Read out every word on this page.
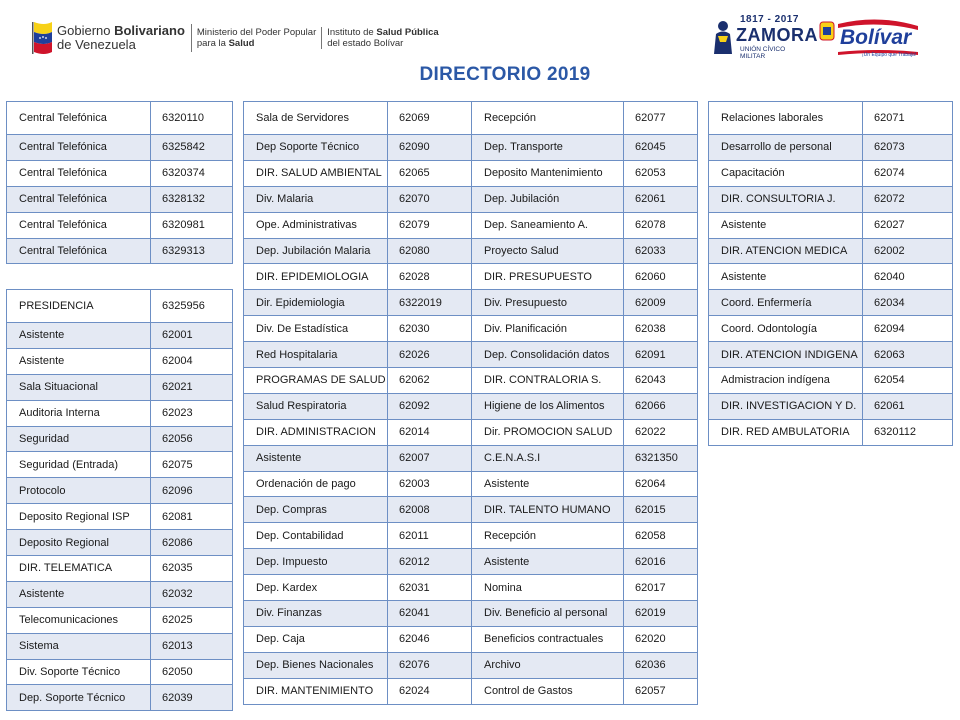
Gobierno Bolivariano
de Venezuela
Ministerio del Poder Popular
para la Salud
Instituto de Salud Pública
del estado Bolívar
1817 - 2017
ZAMORA
UNIÓN CÍVICO MILITAR
Bolívar
¡Un Equipo que Trabaja!
DIRECTORIO 2019
Central Telefónica	6320110
Central Telefónica	6325842
Central Telefónica	6320374
Central Telefónica	6328132
Central Telefónica	6320981
Central Telefónica	6329313
PRESIDENCIA	6325956
Asistente	62001
Asistente	62004
Sala Situacional	62021
Auditoria Interna	62023
Seguridad	62056
Seguridad (Entrada)	62075
Protocolo	62096
Deposito Regional ISP	62081
Deposito Regional	62086
DIR. TELEMATICA	62035
Asistente	62032
Telecomunicaciones	62025
Sistema	62013
Div. Soporte Técnico	62050
Dep. Soporte Técnico	62039
Sala de Servidores	62069
Dep Soporte Técnico	62090
DIR. SALUD AMBIENTAL	62065
Div. Malaria	62070
Ope. Administrativas	62079
Dep. Jubilación Malaria	62080
DIR. EPIDEMIOLOGIA	62028
Dir. Epidemiologia	6322019
Div. De Estadística	62030
Red Hospitalaria	62026
PROGRAMAS DE SALUD	62062
Salud Respiratoria	62092
DIR. ADMINISTRACION	62014
Asistente	62007
Ordenación de pago	62003
Dep. Compras	62008
Dep. Contabilidad	62011
Dep. Impuesto	62012
Dep. Kardex	62031
Div. Finanzas	62041
Dep. Caja	62046
Dep. Bienes Nacionales	62076
DIR. MANTENIMIENTO	62024
Recepción	62077
Dep. Transporte	62045
Deposito Mantenimiento	62053
Dep. Jubilación	62061
Dep. Saneamiento A.	62078
Proyecto Salud	62033
DIR. PRESUPUESTO	62060
Div. Presupuesto	62009
Div. Planificación	62038
Dep. Consolidación datos	62091
DIR. CONTRALORIA S.	62043
Higiene de los Alimentos	62066
Dir. PROMOCION SALUD	62022
C.E.N.A.S.I	6321350
Asistente	62064
DIR. TALENTO HUMANO	62015
Recepción	62058
Asistente	62016
Nomina	62017
Div. Beneficio al personal	62019
Beneficios contractuales	62020
Archivo	62036
Control de Gastos	62057
Relaciones laborales	62071
Desarrollo de personal	62073
Capacitación	62074
DIR. CONSULTORIA J.	62072
Asistente	62027
DIR. ATENCION MEDICA	62002
Asistente	62040
Coord. Enfermería	62034
Coord. Odontología	62094
DIR. ATENCION INDIGENA	62063
Admistracion indígena	62054
DIR. INVESTIGACION Y D.	62061
DIR. RED AMBULATORIA	6320112
